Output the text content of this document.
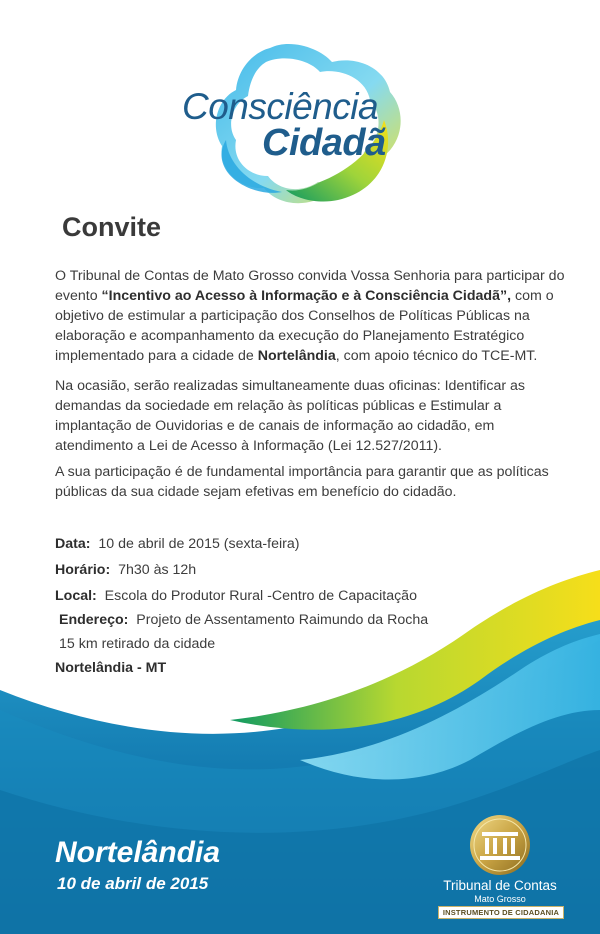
Consciência
Cidadã
Convite

O Tribunal de Contas de Mato Grosso convida Vossa Senhoria para participar do evento “Incentivo ao Acesso à Informação e à Consciência Cidadã”, com o objetivo de estimular a participação dos Conselhos de Políticas Públicas na elaboração e acompanhamento da execução do Planejamento Estratégico implementado para a cidade de Nortelândia, com apoio técnico do TCE-MT.

Na ocasião, serão realizadas simultaneamente duas oficinas: Identificar as demandas da sociedade em relação às políticas públicas e Estimular a implantação de Ouvidorias e de canais de informação ao cidadão, em atendimento a Lei de Acesso à Informação (Lei 12.527/2011).

A sua participação é de fundamental importância para garantir que as políticas públicas da sua cidade sejam efetivas em benefício do cidadão.

Data: 10 de abril de 2015 (sexta-feira)
Horário: 7h30 às 12h
Local: Escola do Produtor Rural -Centro de Capacitação
Endereço: Projeto de Assentamento Raimundo da Rocha
15 km retirado da cidade
Nortelândia - MT
Nortelândia
10 de abril de 2015	Tribunal de Contas
Mato Grosso
INSTRUMENTO DE CIDADANIA
